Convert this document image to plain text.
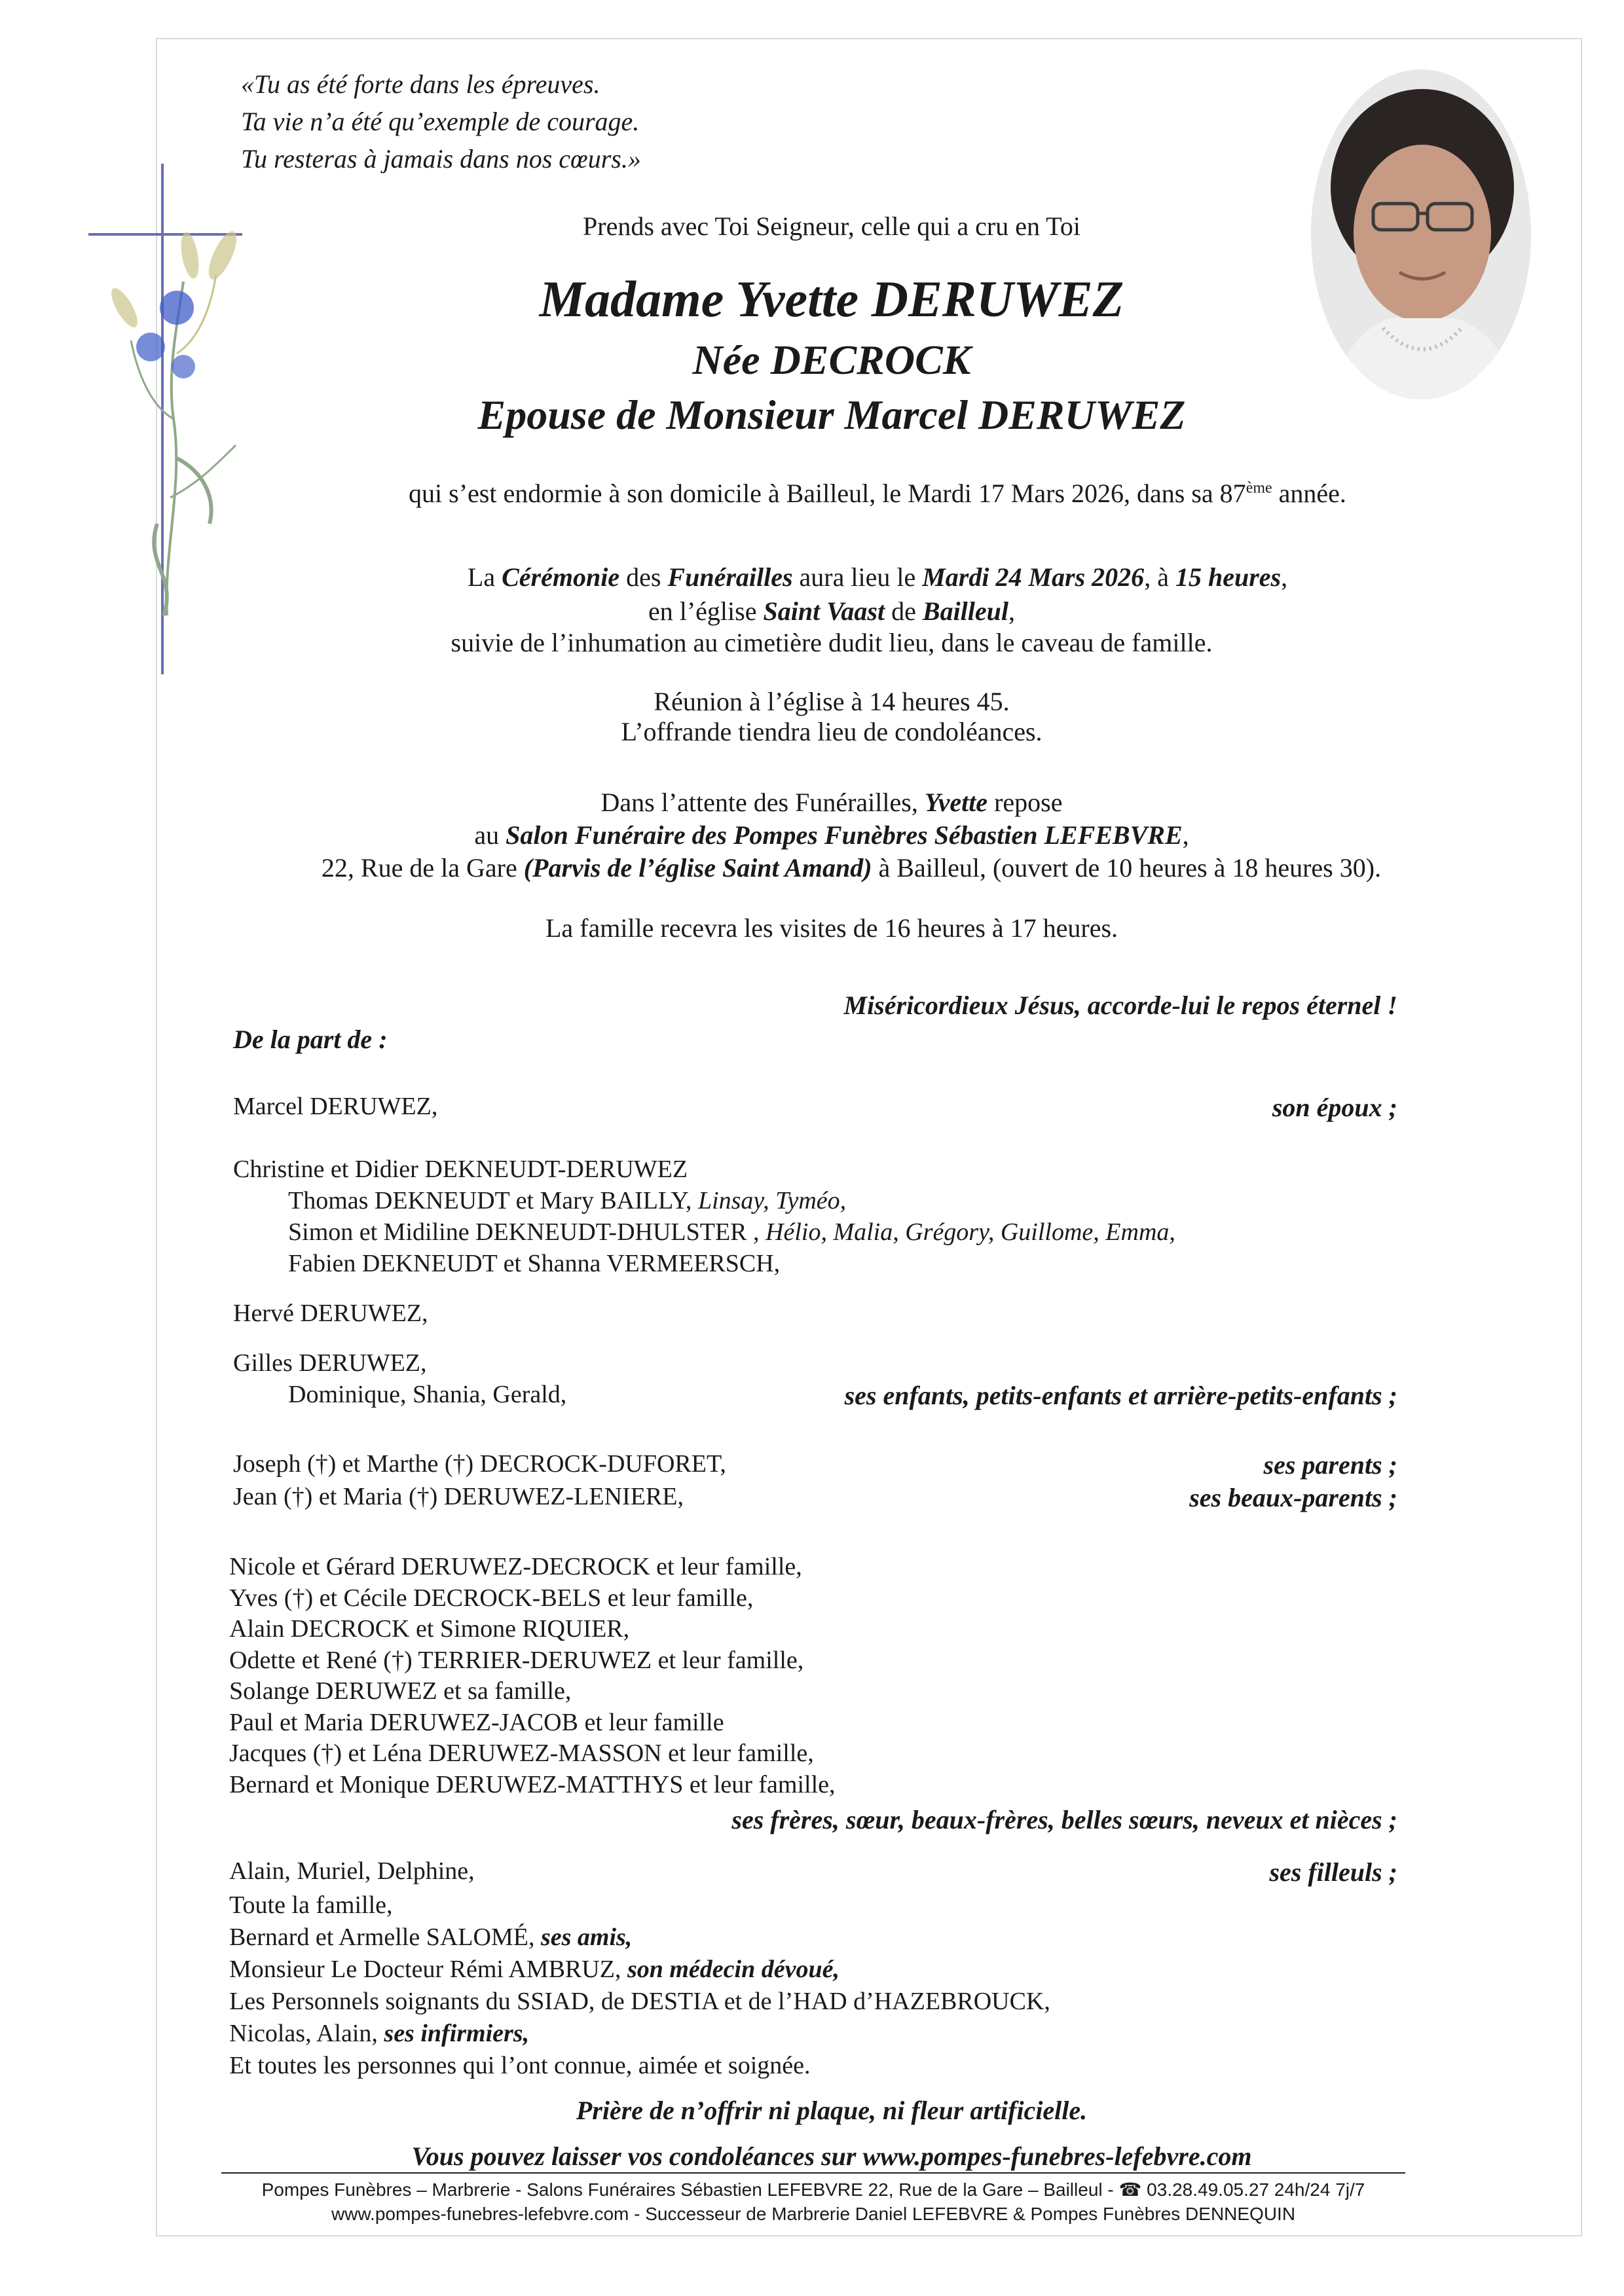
«Tu as été forte dans les épreuves.
Ta vie n’a été qu’exemple de courage.
Tu resteras à jamais dans nos cœurs.»
Prends avec Toi Seigneur, celle qui a cru en Toi
Madame Yvette DERUWEZ
Née DECROCK
Epouse de Monsieur Marcel DERUWEZ
qui s’est endormie à son domicile à Bailleul, le Mardi 17 Mars 2026, dans sa 87ème année.
La Cérémonie des Funérailles aura lieu le Mardi 24 Mars 2026, à 15 heures,
en l’église Saint Vaast de Bailleul,
suivie de l’inhumation au cimetière dudit lieu, dans le caveau de famille.
Réunion à l’église à 14 heures 45.
L’offrande tiendra lieu de condoléances.
Dans l’attente des Funérailles, Yvette repose
au Salon Funéraire des Pompes Funèbres Sébastien LEFEBVRE,
22, Rue de la Gare (Parvis de l’église Saint Amand) à Bailleul, (ouvert de 10 heures à 18 heures 30).
La famille recevra les visites de 16 heures à 17 heures.
Miséricordieux Jésus, accorde-lui le repos éternel !
De la part de :
Marcel DERUWEZ,	son époux ;
Christine et Didier DEKNEUDT-DERUWEZ
Thomas DEKNEUDT et Mary BAILLY, Linsay, Tyméo,
Simon et Midiline DEKNEUDT-DHULSTER , Hélio, Malia, Grégory, Guillome, Emma,
Fabien DEKNEUDT et Shanna VERMEERSCH,
Hervé DERUWEZ,
Gilles DERUWEZ,
Dominique, Shania, Gerald,	ses enfants, petits-enfants et arrière-petits-enfants ;
Joseph (†) et Marthe (†) DECROCK-DUFORET,	ses parents ;
Jean (†) et Maria (†) DERUWEZ-LENIERE,	ses beaux-parents ;
Nicole et Gérard DERUWEZ-DECROCK et leur famille,
Yves (†) et Cécile DECROCK-BELS et leur famille,
Alain DECROCK et Simone RIQUIER,
Odette et René (†) TERRIER-DERUWEZ et leur famille,
Solange DERUWEZ et sa famille,
Paul et Maria DERUWEZ-JACOB et leur famille
Jacques (†) et Léna DERUWEZ-MASSON et leur famille,
Bernard et Monique DERUWEZ-MATTHYS et leur famille,
ses frères, sœur, beaux-frères, belles sœurs, neveux et nièces ;
Alain, Muriel, Delphine,	ses filleuls ;
Toute la famille,
Bernard et Armelle SALOMÉ, ses amis,
Monsieur Le Docteur Rémi AMBRUZ, son médecin dévoué,
Les Personnels soignants du SSIAD, de DESTIA et de l’HAD d’HAZEBROUCK,
Nicolas, Alain, ses infirmiers,
Et toutes les personnes qui l’ont connue, aimée et soignée.
Prière de n’offrir ni plaque, ni fleur artificielle.
Vous pouvez laisser vos condoléances sur www.pompes-funebres-lefebvre.com
Pompes Funèbres – Marbrerie - Salons Funéraires Sébastien LEFEBVRE 22, Rue de la Gare – Bailleul - ☎ 03.28.49.05.27 24h/24 7j/7
www.pompes-funebres-lefebvre.com - Successeur de Marbrerie Daniel LEFEBVRE & Pompes Funèbres DENNEQUIN
